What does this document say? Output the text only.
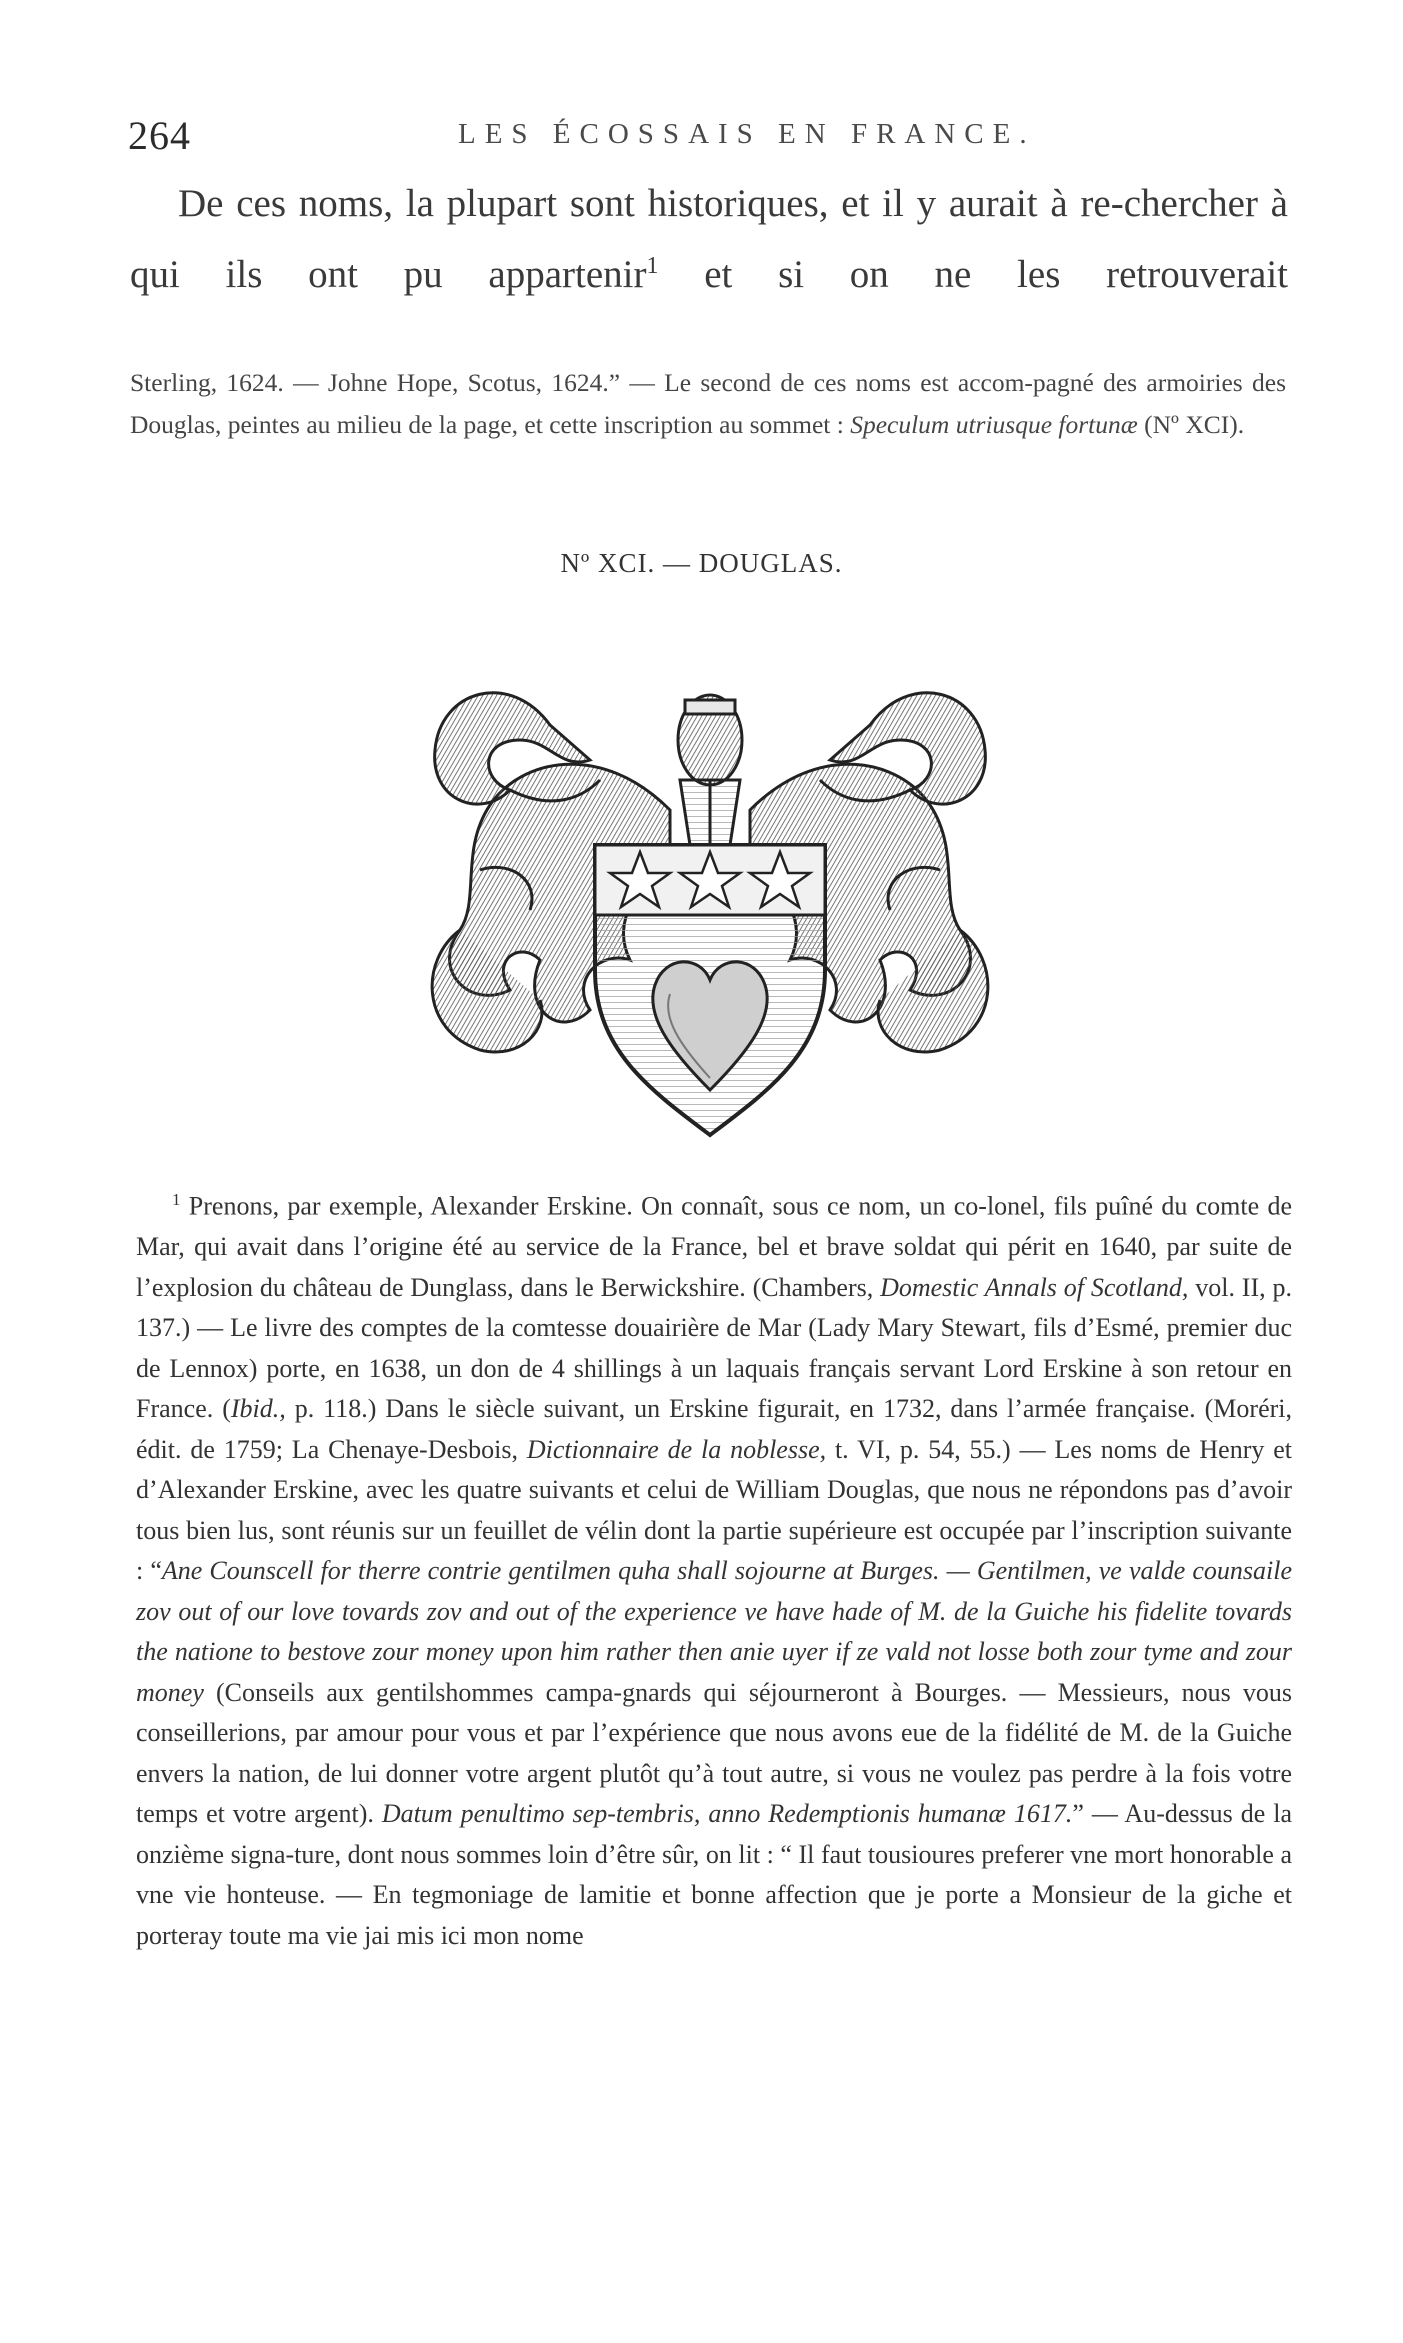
264	LES ÉCOSSAIS EN FRANCE.

De ces noms, la plupart sont historiques, et il y aurait à re-chercher à qui ils ont pu appartenir$^1$ et si on ne les retrouverait

Sterling, 1624. — Johne Hope, Scotus, 1624.” — Le second de ces noms est accom-pagné des armoiries des Douglas, peintes au milieu de la page, et cette inscription au sommet : Speculum utriusque fortunæ (Nº XCI).

Nº XCI. — DOUGLAS.

$^1$ Prenons, par exemple, Alexander Erskine. On connaît, sous ce nom, un co-lonel, fils puîné du comte de Mar, qui avait dans l’origine été au service de la France, bel et brave soldat qui périt en 1640, par suite de l’explosion du château de Dunglass, dans le Berwickshire. (Chambers, Domestic Annals of Scotland, vol. II, p. 137.) — Le livre des comptes de la comtesse douairière de Mar (Lady Mary Stewart, fils d’Esmé, premier duc de Lennox) porte, en 1638, un don de 4 shillings à un laquais français servant Lord Erskine à son retour en France. (Ibid., p. 118.) Dans le siècle suivant, un Erskine figurait, en 1732, dans l’armée française. (Moréri, édit. de 1759; La Chenaye-Desbois, Dictionnaire de la noblesse, t. VI, p. 54, 55.) — Les noms de Henry et d’Alexander Erskine, avec les quatre suivants et celui de William Douglas, que nous ne répondons pas d’avoir tous bien lus, sont réunis sur un feuillet de vélin dont la partie supérieure est occupée par l’inscription suivante : “Ane Counscell for therre contrie gentilmen quha shall sojourne at Burges. — Gentilmen, ve valde counsaile zov out of our love tovards zov and out of the experience ve have hade of M. de la Guiche his fidelite tovards the natione to bestove zour money upon him rather then anie uyer if ze vald not losse both zour tyme and zour money (Conseils aux gentilshommes campa-gnards qui séjourneront à Bourges. — Messieurs, nous vous conseillerions, par amour pour vous et par l’expérience que nous avons eue de la fidélité de M. de la Guiche envers la nation, de lui donner votre argent plutôt qu’à tout autre, si vous ne voulez pas perdre à la fois votre temps et votre argent). Datum penultimo sep-tembris, anno Redemptionis humanæ 1617.” — Au-dessus de la onzième signa-ture, dont nous sommes loin d’être sûr, on lit : “ Il faut tousioures preferer vne mort honorable a vne vie honteuse. — En tegmoniage de lamitie et bonne affection que je porte a Monsieur de la giche et porteray toute ma vie jai mis ici mon nome
